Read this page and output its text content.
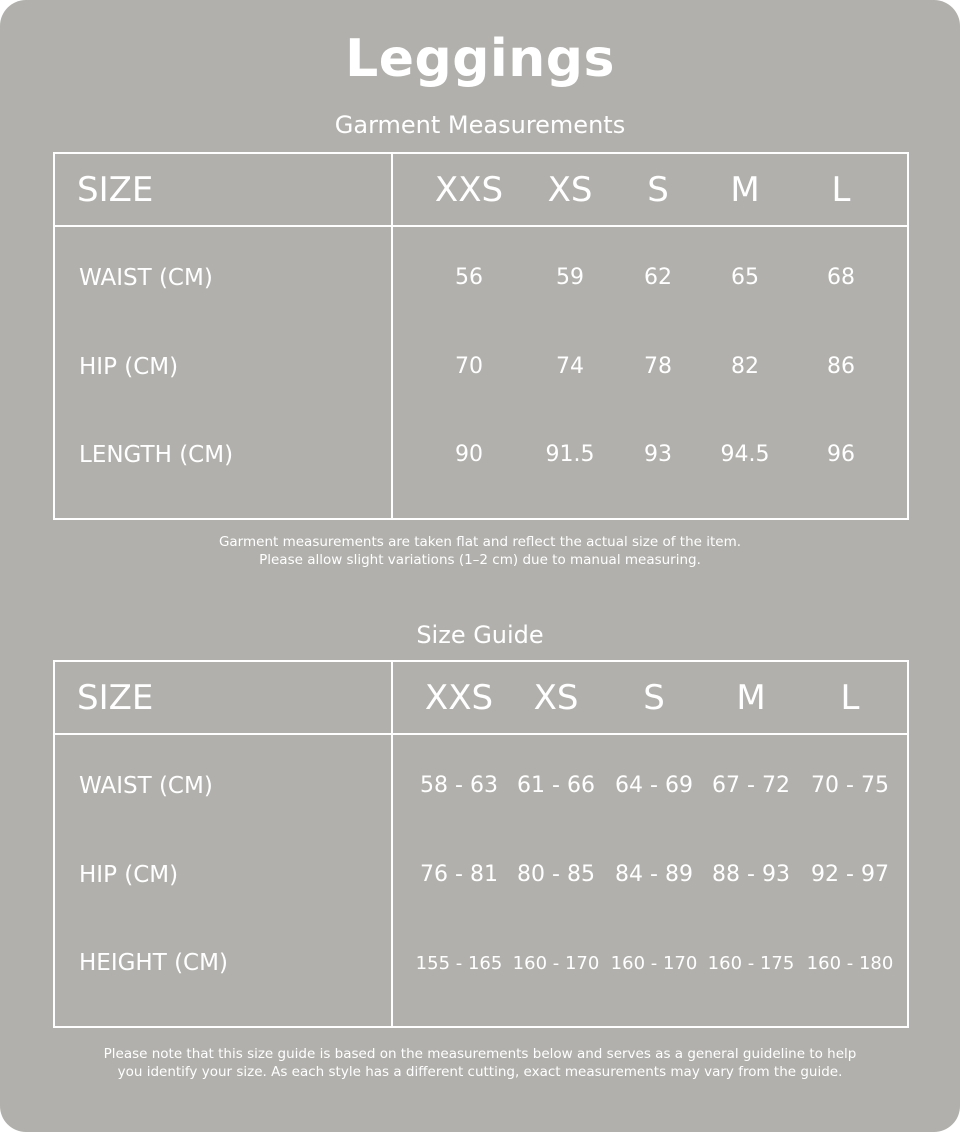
Leggings
Garment Measurements
SIZE	XXS XS S M L
WAIST (CM)	56	59	62	65	68
HIP (CM)	70	74	78	82	86
LENGTH (CM)	90	91.5 93 94.5	96
Garment measurements are taken flat and reflect the actual size of the item.
Please allow slight variations (1–2 cm) due to manual measuring.
Size Guide
SIZE	XXS XS S M L
WAIST (CM)	58 - 63 61 - 66 64 - 69 67 - 72 70 - 75
HIP (CM)	76 - 81 80 - 85 84 - 89 88 - 93 92 - 97
HEIGHT (CM)	155 - 165 160 - 170 160 - 170 160 - 175 160 - 180
Please note that this size guide is based on the measurements below and serves as a general guideline to help
you identify your size. As each style has a different cutting, exact measurements may vary from the guide.
